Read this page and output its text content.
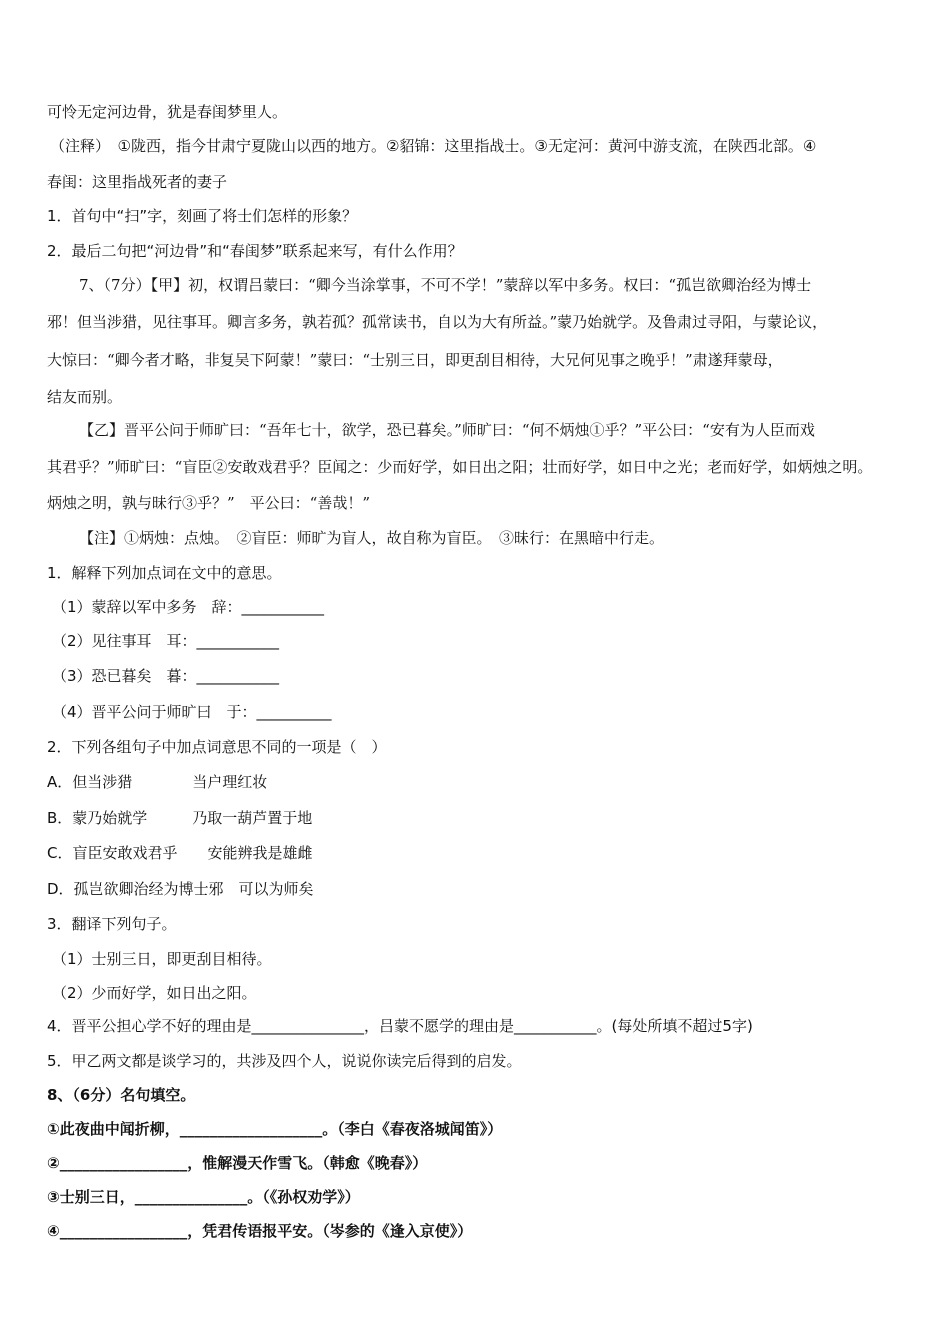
可怜无定河边骨，犹是春闺梦里人。
（注释）　①陇西，指今甘肃宁夏陇山以西的地方。②貂锦：这里指战士。③无定河：黄河中游支流，在陕西北部。④
春闺：这里指战死者的妻子
1．首句中“扫”字，刻画了将士们怎样的形象？
2．最后二句把“河边骨”和“春闺梦”联系起来写，有什么作用？
7、（7分）【甲】初，权谓吕蒙曰：“卿今当涂掌事，不可不学！”蒙辞以军中多务。权曰：“孤岂欲卿治经为博士
邪！但当涉猎，见往事耳。卿言多务，孰若孤？孤常读书，自以为大有所益。”蒙乃始就学。及鲁肃过寻阳，与蒙论议，
大惊曰：“卿今者才略，非复吴下阿蒙！”蒙曰：“士别三日，即更刮目相待，大兄何见事之晚乎！”肃遂拜蒙母，
结友而别。
【乙】晋平公问于师旷曰：“吾年七十，欲学，恐已暮矣。”师旷曰：“何不炳烛①乎？”平公曰：“安有为人臣而戏
其君乎？”师旷曰：“盲臣②安敢戏君乎？臣闻之：少而好学，如日出之阳；壮而好学，如日中之光；老而好学，如炳烛之明。
炳烛之明，孰与昧行③乎？”　平公曰：“善哉！”
【注】①炳烛：点烛。　②盲臣：师旷为盲人，故自称为盲臣。　③昧行：在黑暗中行走。
1．解释下列加点词在文中的意思。
（1）蒙辞以军中多务　辞：___________
（2）见往事耳　耳：___________
（3）恐已暮矣　暮：___________
（4）晋平公问于师旷曰　于：__________
2．下列各组句子中加点词意思不同的一项是（　）
A．但当涉猎　　　　当户理红妆
B．蒙乃始就学　　　乃取一葫芦置于地
C．盲臣安敢戏君乎　　安能辨我是雄雌
D．孤岂欲卿治经为博士邪　可以为师矣
3．翻译下列句子。
（1）士别三日，即更刮目相待。
（2）少而好学，如日出之阳。
4．晋平公担心学不好的理由是_______________，吕蒙不愿学的理由是___________。(每处所填不超过5字)
5．甲乙两文都是谈学习的，共涉及四个人，说说你读完后得到的启发。
8、（6分）名句填空。
①此夜曲中闻折柳，___________________。（李白《春夜洛城闻笛》）
②_________________，惟解漫天作雪飞。（韩愈《晚春》）
③士别三日，_______________。（《孙权劝学》）
④_________________，凭君传语报平安。（岑参的《逢入京使》）
